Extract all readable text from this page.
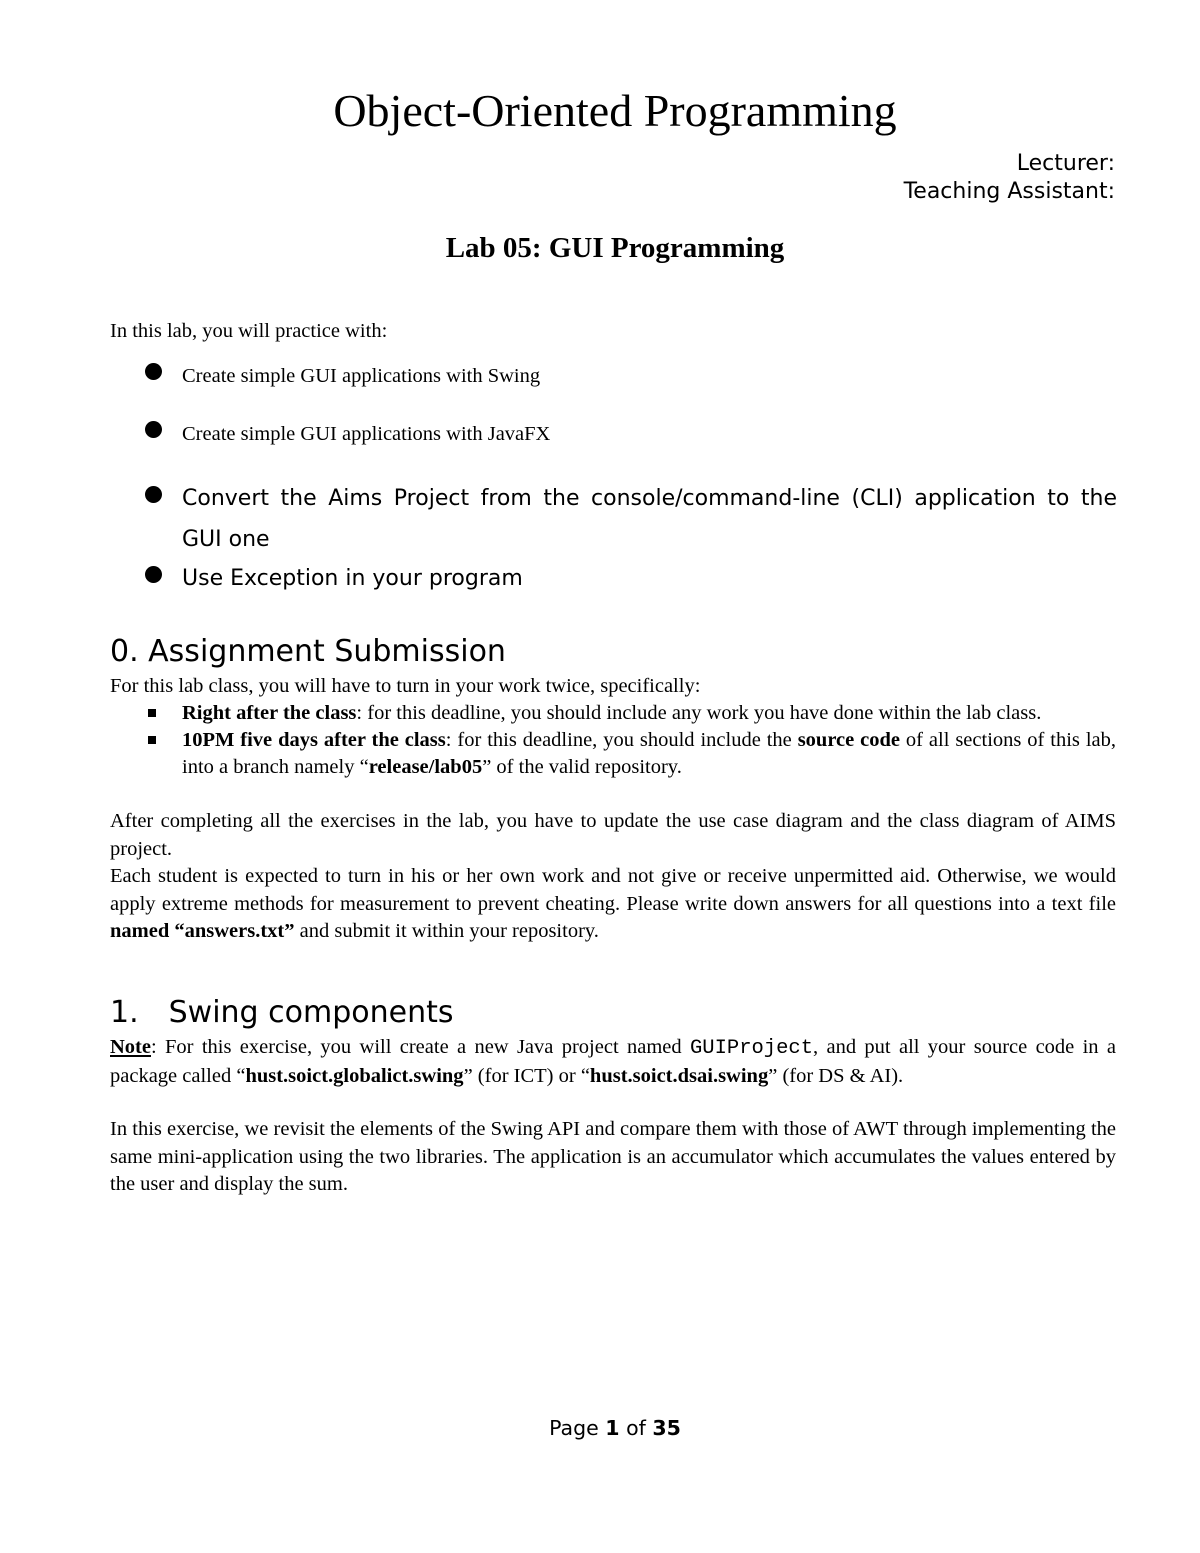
Object-Oriented Programming
Lecturer:
Teaching Assistant:
Lab 05: GUI Programming
In this lab, you will practice with:
Create simple GUI applications with Swing
Create simple GUI applications with JavaFX
Convert the Aims Project from the console/command-line (CLI) application to the GUI one
Use Exception in your program
0. Assignment Submission
For this lab class, you will have to turn in your work twice, specifically:
Right after the class: for this deadline, you should include any work you have done within the lab class.
10PM five days after the class: for this deadline, you should include the source code of all sections of this lab, into a branch namely “release/lab05” of the valid repository.
After completing all the exercises in the lab, you have to update the use case diagram and the class diagram of AIMS project.
Each student is expected to turn in his or her own work and not give or receive unpermitted aid. Otherwise, we would apply extreme methods for measurement to prevent cheating. Please write down answers for all questions into a text file named “answers.txt” and submit it within your repository.
1. Swing components
Note: For this exercise, you will create a new Java project named GUIProject, and put all your source code in a package called “hust.soict.globalict.swing” (for ICT) or “hust.soict.dsai.swing” (for DS & AI).
In this exercise, we revisit the elements of the Swing API and compare them with those of AWT through implementing the same mini-application using the two libraries. The application is an accumulator which accumulates the values entered by the user and display the sum.
Page 1 of 35
